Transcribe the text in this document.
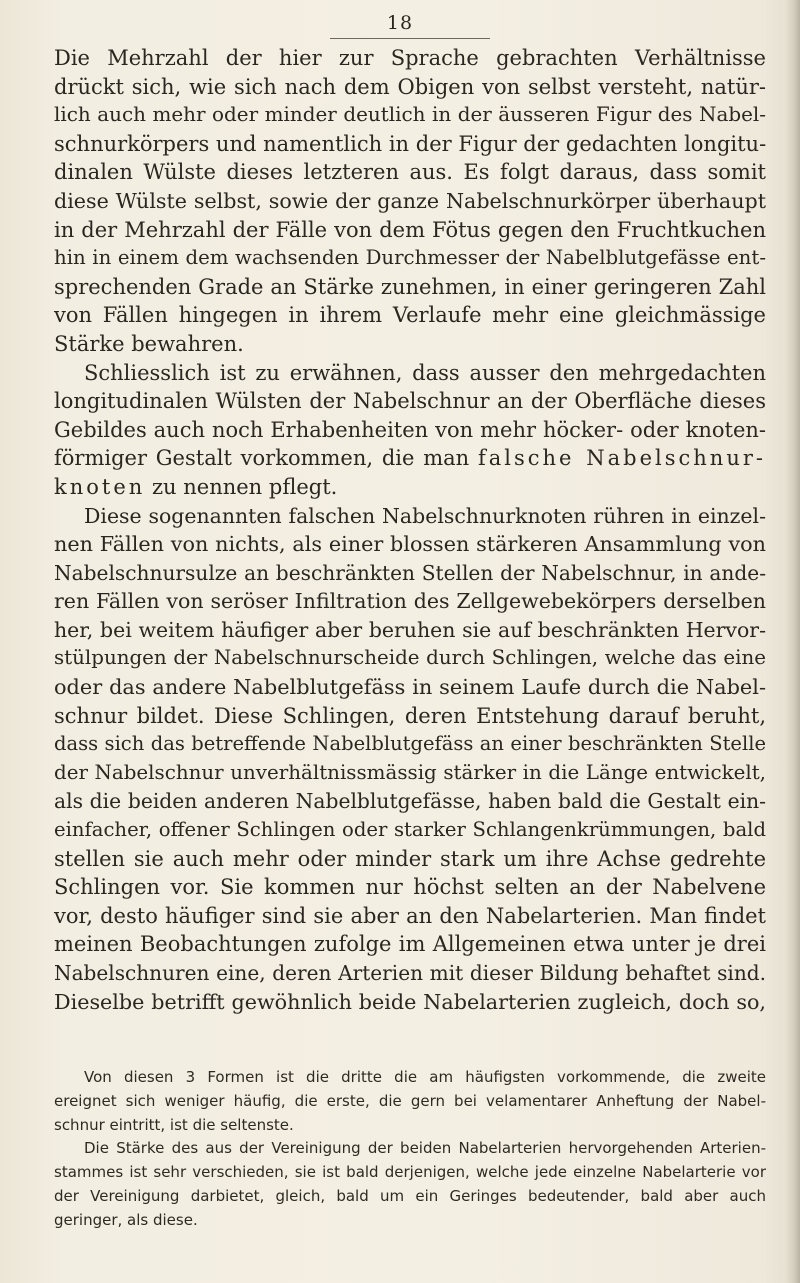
18
Die Mehrzahl der hier zur Sprache gebrachten Verhältnisse
drückt sich, wie sich nach dem Obigen von selbst versteht, natür-
lich auch mehr oder minder deutlich in der äusseren Figur des Nabel-
schnurkörpers und namentlich in der Figur der gedachten longitu-
dinalen Wülste dieses letzteren aus. Es folgt daraus, dass somit
diese Wülste selbst, sowie der ganze Nabelschnurkörper überhaupt
in der Mehrzahl der Fälle von dem Fötus gegen den Fruchtkuchen
hin in einem dem wachsenden Durchmesser der Nabelblutgefässe ent-
sprechenden Grade an Stärke zunehmen, in einer geringeren Zahl
von Fällen hingegen in ihrem Verlaufe mehr eine gleichmässige
Stärke bewahren.
Schliesslich ist zu erwähnen, dass ausser den mehrgedachten
longitudinalen Wülsten der Nabelschnur an der Oberfläche dieses
Gebildes auch noch Erhabenheiten von mehr höcker- oder knoten-
förmiger Gestalt vorkommen, die man falsche Nabelschnur-
knoten zu nennen pflegt.
Diese sogenannten falschen Nabelschnurknoten rühren in einzel-
nen Fällen von nichts, als einer blossen stärkeren Ansammlung von
Nabelschnursulze an beschränkten Stellen der Nabelschnur, in ande-
ren Fällen von seröser Infiltration des Zellgewebekörpers derselben
her, bei weitem häufiger aber beruhen sie auf beschränkten Hervor-
stülpungen der Nabelschnurscheide durch Schlingen, welche das eine
oder das andere Nabelblutgefäss in seinem Laufe durch die Nabel-
schnur bildet. Diese Schlingen, deren Entstehung darauf beruht,
dass sich das betreffende Nabelblutgefäss an einer beschränkten Stelle
der Nabelschnur unverhältnissmässig stärker in die Länge entwickelt,
als die beiden anderen Nabelblutgefässe, haben bald die Gestalt ein-
einfacher, offener Schlingen oder starker Schlangenkrümmungen, bald
stellen sie auch mehr oder minder stark um ihre Achse gedrehte
Schlingen vor. Sie kommen nur höchst selten an der Nabelvene
vor, desto häufiger sind sie aber an den Nabelarterien. Man findet
meinen Beobachtungen zufolge im Allgemeinen etwa unter je drei
Nabelschnuren eine, deren Arterien mit dieser Bildung behaftet sind.
Dieselbe betrifft gewöhnlich beide Nabelarterien zugleich, doch so,
Von diesen 3 Formen ist die dritte die am häufigsten vorkommende, die zweite
ereignet sich weniger häufig, die erste, die gern bei velamentarer Anheftung der Nabel-
schnur eintritt, ist die seltenste.
Die Stärke des aus der Vereinigung der beiden Nabelarterien hervorgehenden Arterien-
stammes ist sehr verschieden, sie ist bald derjenigen, welche jede einzelne Nabelarterie vor
der Vereinigung darbietet, gleich, bald um ein Geringes bedeutender, bald aber auch
geringer, als diese.
